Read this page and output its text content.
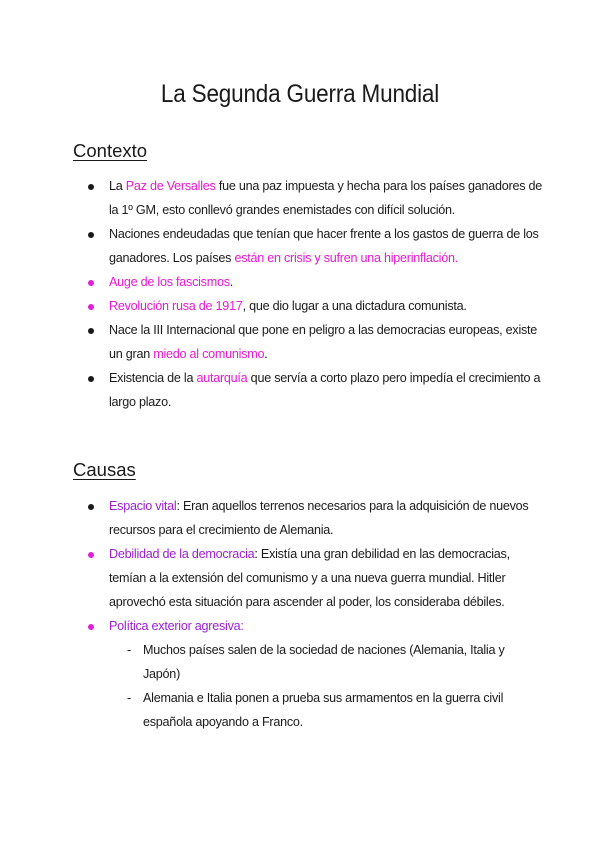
La Segunda Guerra Mundial
Contexto
La Paz de Versalles fue una paz impuesta y hecha para los países ganadores de la 1º GM, esto conllevó grandes enemistades con difícil solución.
Naciones endeudadas que tenían que hacer frente a los gastos de guerra de los ganadores. Los países están en crisis y sufren una hiperinflación.
Auge de los fascismos.
Revolución rusa de 1917, que dio lugar a una dictadura comunista.
Nace la III Internacional que pone en peligro a las democracias europeas, existe un gran miedo al comunismo.
Existencia de la autarquía que servía a corto plazo pero impedía el crecimiento a largo plazo.
Causas
Espacio vital: Eran aquellos terrenos necesarios para la adquisición de nuevos recursos para el crecimiento de Alemania.
Debilidad de la democracia: Existía una gran debilidad en las democracias, temían a la extensión del comunismo y a una nueva guerra mundial. Hitler aprovechó esta situación para ascender al poder, los consideraba débiles.
Política exterior agresiva:
- Muchos países salen de la sociedad de naciones (Alemania, Italia y Japón)
- Alemania e Italia ponen a prueba sus armamentos en la guerra civil española apoyando a Franco.
